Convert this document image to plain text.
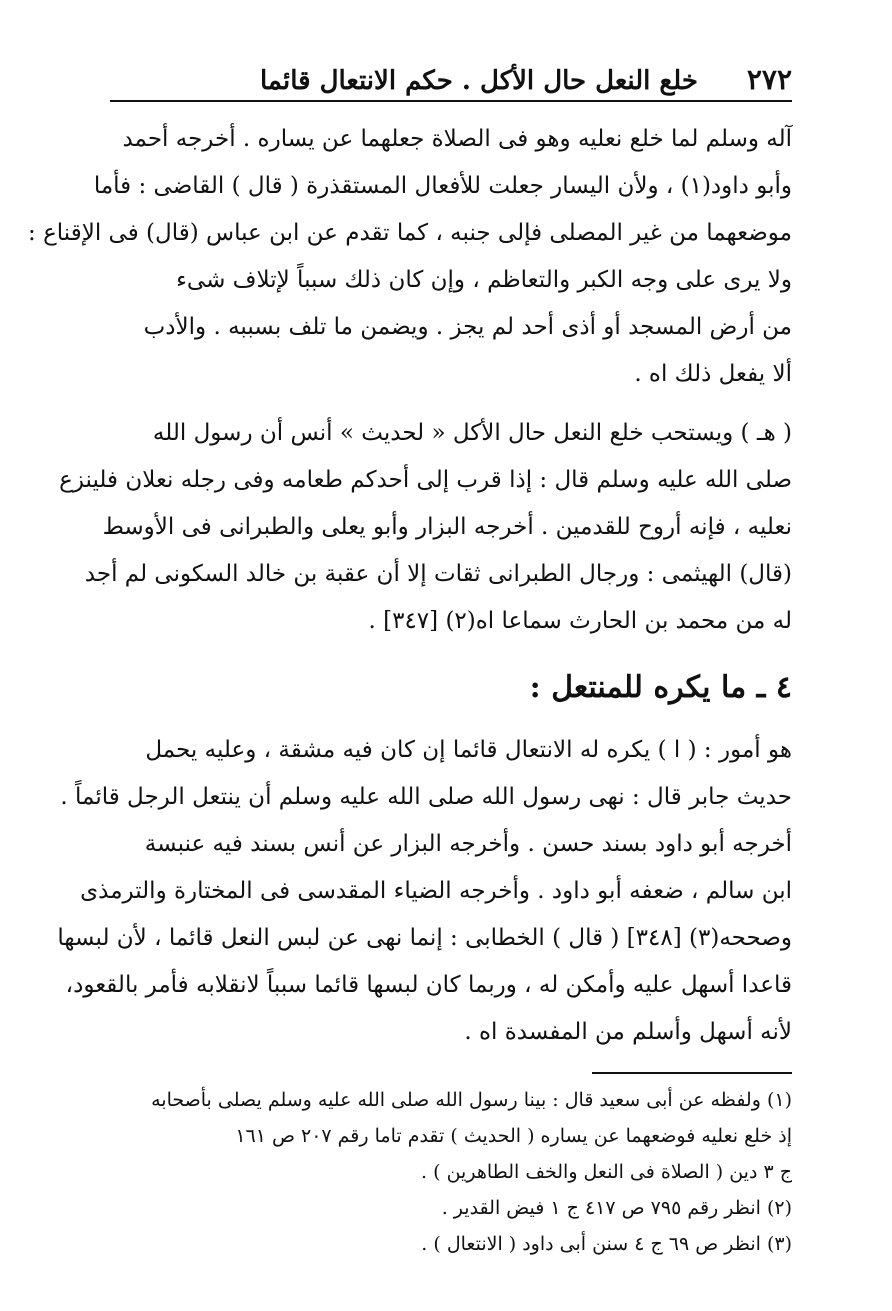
٢٧٢
خلع النعل حال الأكل . حكم الانتعال قائما

آله وسلم لما خلع نعليه وهو فى الصلاة جعلهما عن يساره . أخرجه أحمد
وأبو داود(١) ، ولأن اليسار جعلت للأفعال المستقذرة ( قال ) القاضى : فأما
موضعهما من غير المصلى فإلى جنبه ، كما تقدم عن ابن عباس (قال) فى الإقناع :
ولا يرى على وجه الكبر والتعاظم ، وإن كان ذلك سبباً لإتلاف شىء
من أرض المسجد أو أذى أحد لم يجز . ويضمن ما تلف بسببه . والأدب
ألا يفعل ذلك اه .

( هـ ) ويستحب خلع النعل حال الأكل « لحديث » أنس أن رسول الله
صلى الله عليه وسلم قال : إذا قرب إلى أحدكم طعامه وفى رجله نعلان فلينزع
نعليه ، فإنه أروح للقدمين . أخرجه البزار وأبو يعلى والطبرانى فى الأوسط
(قال) الهيثمى : ورجال الطبرانى ثقات إلا أن عقبة بن خالد السكونى لم أجد
له من محمد بن الحارث سماعا اه(٢) [٣٤٧] .

٤ ـ ما يكره للمنتعل :

هو أمور : ( ا ) يكره له الانتعال قائما إن كان فيه مشقة ، وعليه يحمل
حديث جابر قال : نهى رسول الله صلى الله عليه وسلم أن ينتعل الرجل قائماً .
أخرجه أبو داود بسند حسن . وأخرجه البزار عن أنس بسند فيه عنبسة
ابن سالم ، ضعفه أبو داود . وأخرجه الضياء المقدسى فى المختارة والترمذى
وصححه(٣) [٣٤٨] ( قال ) الخطابى : إنما نهى عن لبس النعل قائما ، لأن لبسها
قاعدا أسهل عليه وأمكن له ، وربما كان لبسها قائما سبباً لانقلابه فأمر بالقعود،
لأنه أسهل وأسلم من المفسدة اه .

(١) ولفظه عن أبى سعيد قال : بينا رسول الله صلى الله عليه وسلم يصلى بأصحابه
إذ خلع نعليه فوضعهما عن يساره ( الحديث ) تقدم تاما رقم ٢٠٧ ص ١٦١
ج ٣ دين ( الصلاة فى النعل والخف الطاهرين ) .

(٢) انظر رقم ٧٩٥ ص ٤١٧ ج ١ فيض القدير .

(٣) انظر ص ٦٩ ج ٤ سنن أبى داود ( الانتعال ) .
